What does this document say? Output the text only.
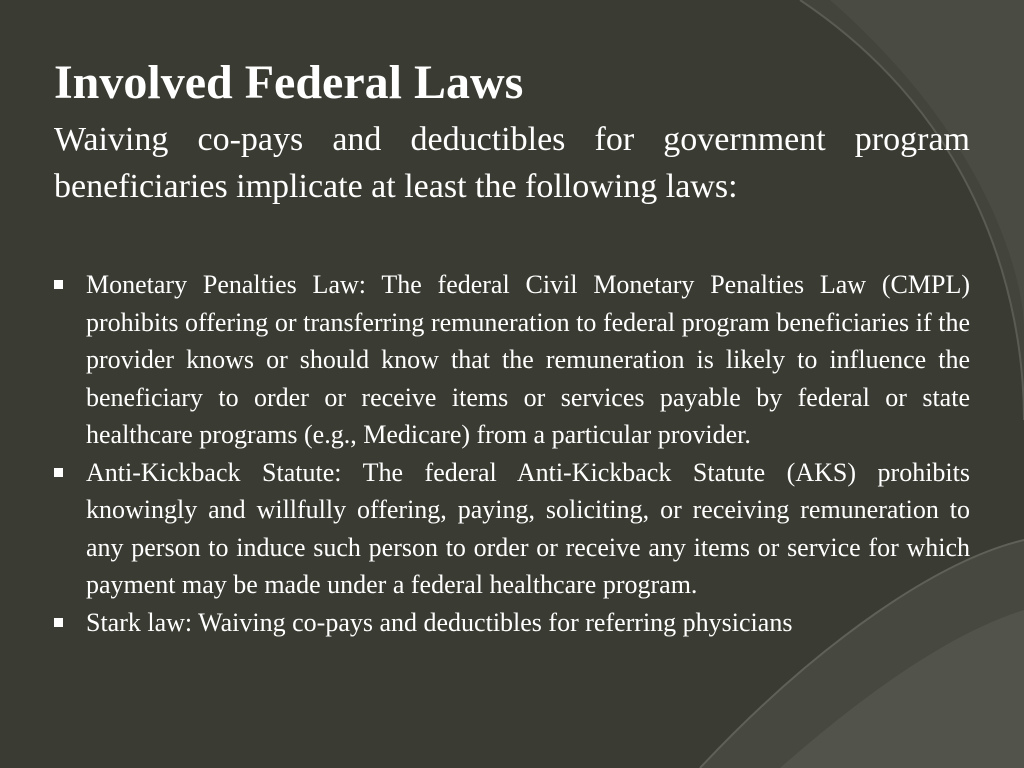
Involved Federal Laws

Waiving co-pays and deductibles for government program beneficiaries implicate at least the following laws:

Monetary Penalties Law: The federal Civil Monetary Penalties Law (CMPL) prohibits offering or transferring remuneration to federal program beneficiaries if the provider knows or should know that the remuneration is likely to influence the beneficiary to order or receive items or services payable by federal or state healthcare programs (e.g., Medicare) from a particular provider.
Anti-Kickback Statute: The federal Anti-Kickback Statute (AKS) prohibits knowingly and willfully offering, paying, soliciting, or receiving remuneration to any person to induce such person to order or receive any items or service for which payment may be made under a federal healthcare program.
Stark law: Waiving co-pays and deductibles for referring physicians
